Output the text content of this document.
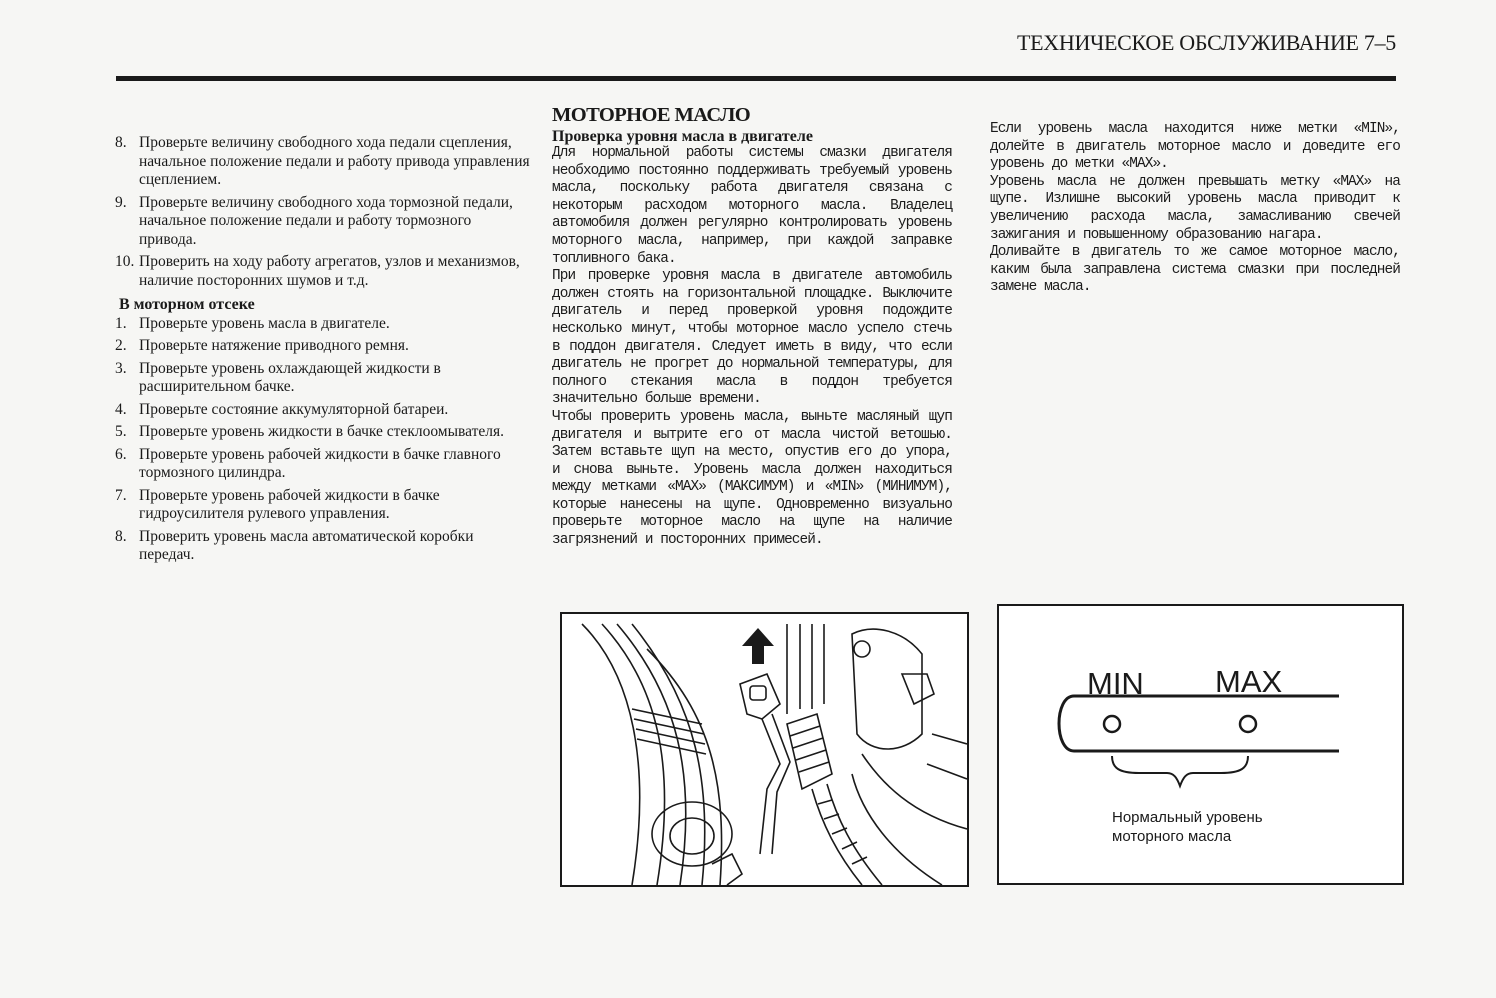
ТЕХНИЧЕСКОЕ ОБСЛУЖИВАНИЕ 7–5
8. Проверьте величину свободного хода педали сцепления, начальное положение педали и работу привода управления сцеплением.
9. Проверьте величину свободного хода тормозной педали, начальное положение педали и работу тормозного привода.
10. Проверить на ходу работу агрегатов, узлов и механизмов, наличие посторонних шумов и т.д.
В моторном отсеке
1. Проверьте уровень масла в двигателе.
2. Проверьте натяжение приводного ремня.
3. Проверьте уровень охлаждающей жидкости в расширительном бачке.
4. Проверьте состояние аккумуляторной батареи.
5. Проверьте уровень жидкости в бачке стеклоомывателя.
6. Проверьте уровень рабочей жидкости в бачке главного тормозного цилиндра.
7. Проверьте уровень рабочей жидкости в бачке гидроусилителя рулевого управления.
8. Проверить уровень масла автоматической коробки передач.
МОТОРНОЕ МАСЛО
Проверка уровня масла в двигателе

Для нормальной работы системы смазки двигателя необходимо постоянно поддерживать требуемый уровень масла, поскольку работа двигателя связана с некоторым расходом моторного масла. Владелец автомобиля должен регулярно контролировать уровень моторного масла, например, при каждой заправке топливного бака.

При проверке уровня масла в двигателе автомобиль должен стоять на горизонтальной площадке. Выключите двигатель и перед проверкой уровня подождите несколько минут, чтобы моторное масло успело стечь в поддон двигателя. Следует иметь в виду, что если двигатель не прогрет до нормальной температуры, для полного стекания масла в поддон требуется значительно больше времени.

Чтобы проверить уровень масла, выньте масляный щуп двигателя и вытрите его от масла чистой ветошью. Затем вставьте щуп на место, опустив его до упора, и снова выньте. Уровень масла должен находиться между метками «MAX» (МАКСИМУМ) и «MIN» (МИНИМУМ), которые нанесены на щупе. Одновременно визуально проверьте моторное масло на щупе на наличие загрязнений и посторонних примесей.

Если уровень масла находится ниже метки «MIN», долейте в двигатель моторное масло и доведите его уровень до метки «MAX».

Уровень масла не должен превышать метку «MAX» на щупе. Излишне высокий уровень масла приводит к увеличению расхода масла, замасливанию свечей зажигания и повышенному образованию нагара.

Доливайте в двигатель то же самое моторное масло, каким была заправлена система смазки при последней замене масла.

MIN MAX
Нормальный уровень
моторного масла
